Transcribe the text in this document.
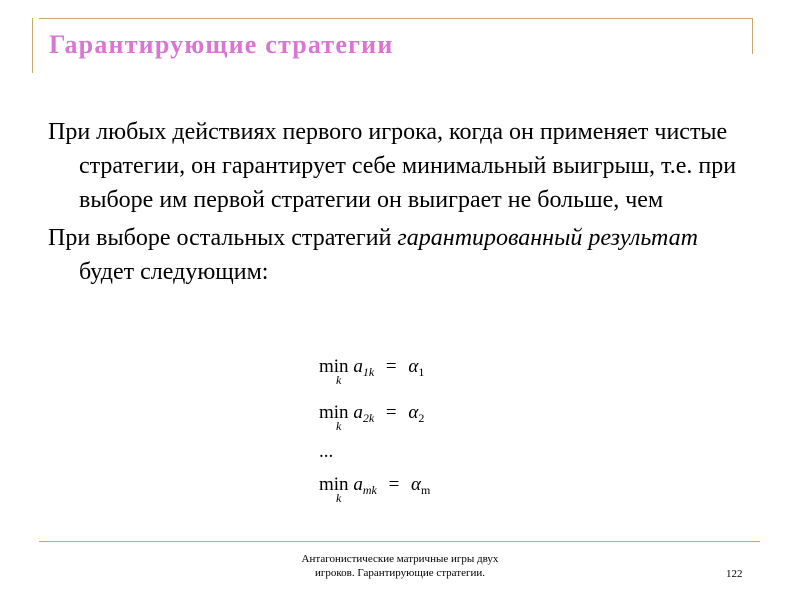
Гарантирующие стратегии

При любых действиях первого игрока, когда он применяет чистые стратегии, он гарантирует себе минимальный выигрыш, т.е. при выборе им первой стратегии он выиграет не больше, чем

При выборе остальных стратегий гарантированный результат будет следующим:

min
k
$a_{1k} = \alpha_1$
min
k
$a_{2k} = \alpha_2$
...
min
k
$a_{mk} = \alpha_m$
Антагонистические матричные игры двух
игроков. Гарантирующие стратегии.	122
